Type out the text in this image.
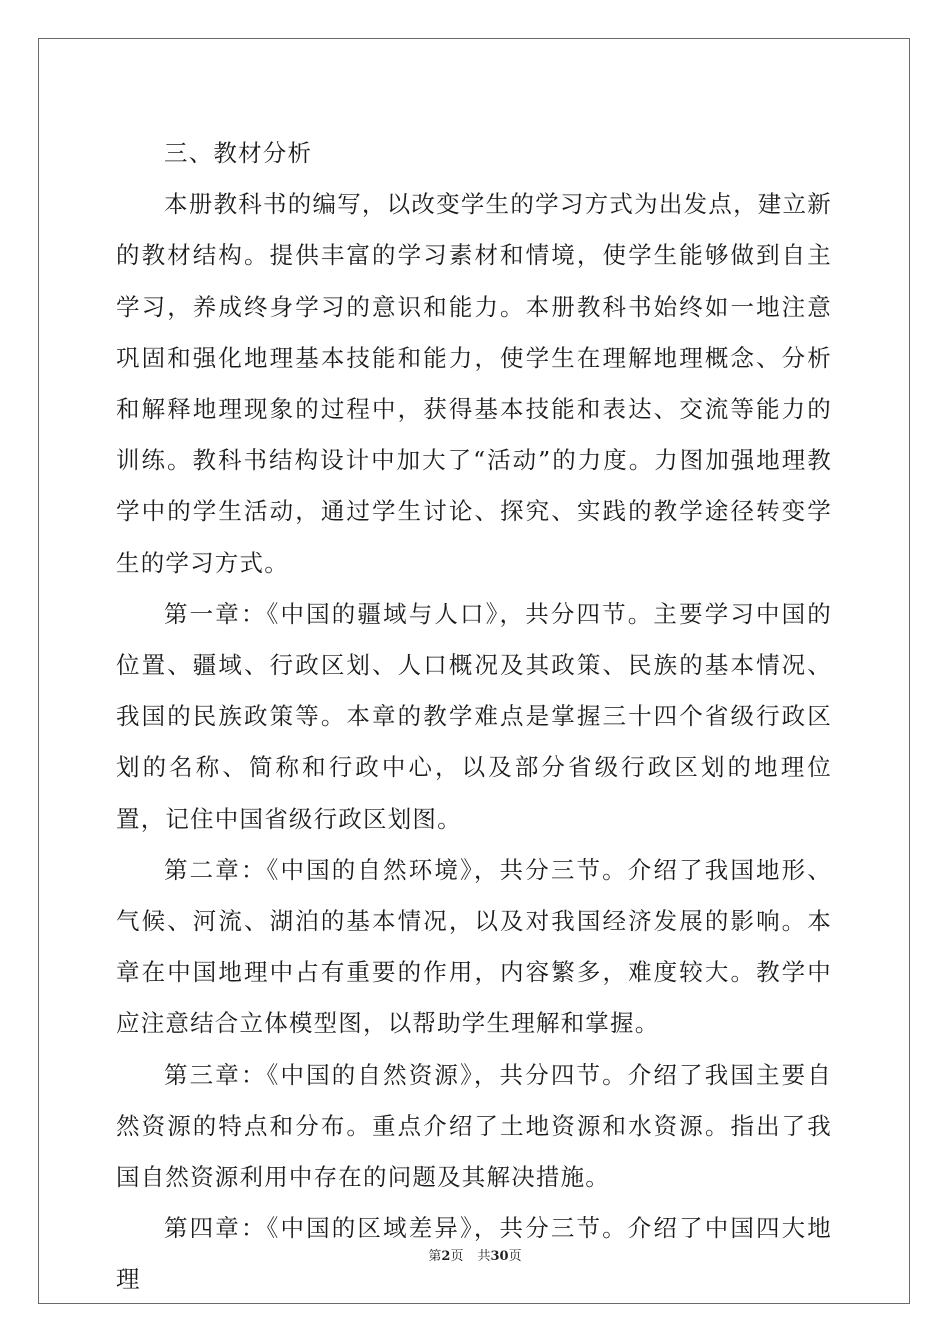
三、教材分析

本册教科书的编写，以改变学生的学习方式为出发点，建立新的教材结构。提供丰富的学习素材和情境，使学生能够做到自主学习，养成终身学习的意识和能力。本册教科书始终如一地注意巩固和强化地理基本技能和能力，使学生在理解地理概念、分析和解释地理现象的过程中，获得基本技能和表达、交流等能力的训练。教科书结构设计中加大了“活动”的力度。力图加强地理教学中的学生活动，通过学生讨论、探究、实践的教学途径转变学生的学习方式。

第一章：《中国的疆域与人口》，共分四节。主要学习中国的位置、疆域、行政区划、人口概况及其政策、民族的基本情况、我国的民族政策等。本章的教学难点是掌握三十四个省级行政区划的名称、简称和行政中心，以及部分省级行政区划的地理位置，记住中国省级行政区划图。

第二章：《中国的自然环境》，共分三节。介绍了我国地形、气候、河流、湖泊的基本情况，以及对我国经济发展的影响。本章在中国地理中占有重要的作用，内容繁多，难度较大。教学中应注意结合立体模型图，以帮助学生理解和掌握。

第三章：《中国的自然资源》，共分四节。介绍了我国主要自然资源的特点和分布。重点介绍了土地资源和水资源。指出了我国自然资源利用中存在的问题及其解决措施。

第四章：《中国的区域差异》，共分三节。介绍了中国四大地理

第2页 共30页
